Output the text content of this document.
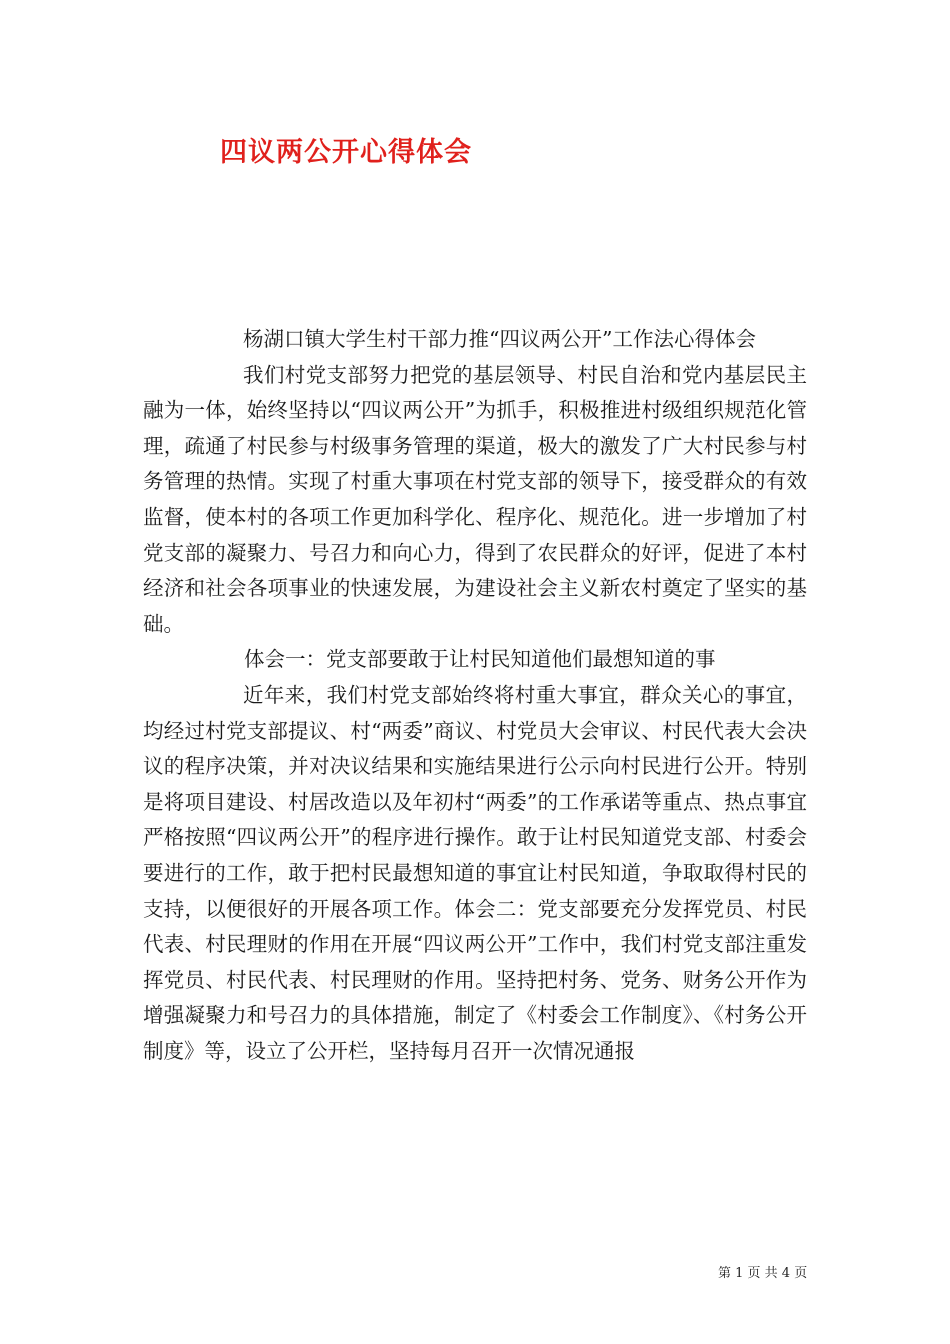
四议两公开心得体会

杨湖口镇大学生村干部力推“四议两公开”工作法心得体会

我们村党支部努力把党的基层领导、村民自治和党内基层民主融为一体，始终坚持以“四议两公开”为抓手，积极推进村级组织规范化管理，疏通了村民参与村级事务管理的渠道，极大的激发了广大村民参与村务管理的热情。实现了村重大事项在村党支部的领导下，接受群众的有效监督，使本村的各项工作更加科学化、程序化、规范化。进一步增加了村党支部的凝聚力、号召力和向心力，得到了农民群众的好评，促进了本村经济和社会各项事业的快速发展，为建设社会主义新农村奠定了坚实的基础。

体会一：党支部要敢于让村民知道他们最想知道的事

近年来，我们村党支部始终将村重大事宜，群众关心的事宜，均经过村党支部提议、村“两委”商议、村党员大会审议、村民代表大会决议的程序决策，并对决议结果和实施结果进行公示向村民进行公开。特别是将项目建设、村居改造以及年初村“两委”的工作承诺等重点、热点事宜严格按照“四议两公开”的程序进行操作。敢于让村民知道党支部、村委会要进行的工作，敢于把村民最想知道的事宜让村民知道，争取取得村民的支持，以便很好的开展各项工作。体会二：党支部要充分发挥党员、村民代表、村民理财的作用在开展“四议两公开”工作中，我们村党支部注重发挥党员、村民代表、村民理财的作用。坚持把村务、党务、财务公开作为增强凝聚力和号召力的具体措施，制定了《村委会工作制度》、《村务公开制度》等，设立了公开栏，坚持每月召开一次情况通报

第 1 页 共 4 页
